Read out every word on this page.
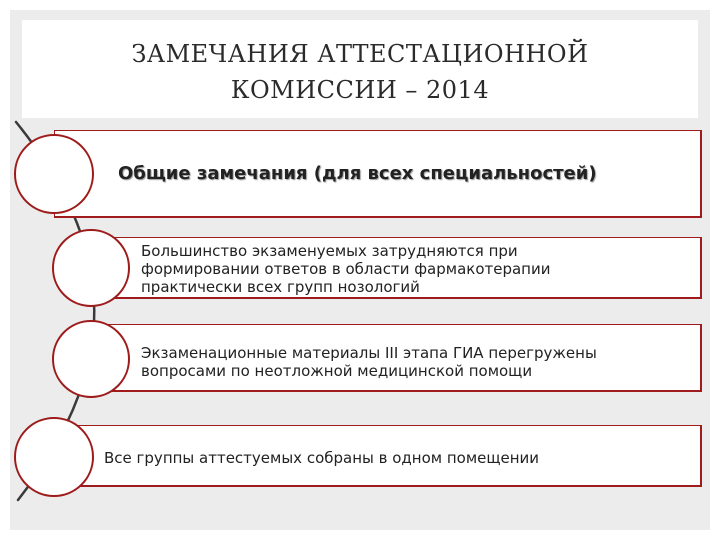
ЗАМЕЧАНИЯ АТТЕСТАЦИОННОЙ
КОМИССИИ – 2014
Общие замечания (для всех специальностей)
Большинство экзаменуемых затрудняются при
формировании ответов в области фармакотерапии
практически всех групп нозологий
Экзаменационные материалы III этапа ГИА перегружены
вопросами по неотложной медицинской помощи
Все группы аттестуемых собраны в одном помещении
